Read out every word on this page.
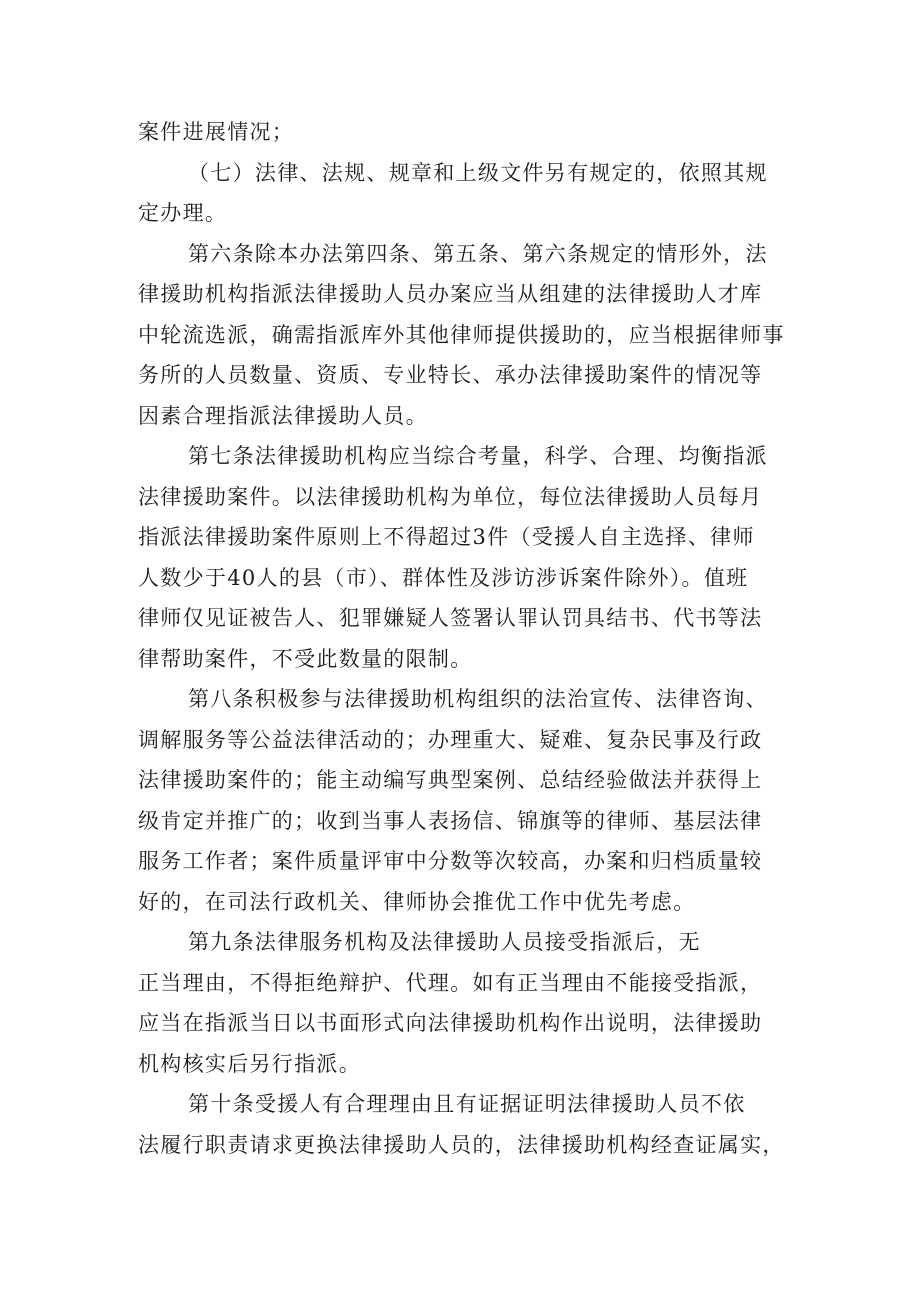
案件进展情况；
（七）法律、法规、规章和上级文件另有规定的，依照其规
定办理。
第六条除本办法第四条、第五条、第六条规定的情形外，法
律援助机构指派法律援助人员办案应当从组建的法律援助人才库
中轮流选派，确需指派库外其他律师提供援助的，应当根据律师事
务所的人员数量、资质、专业特长、承办法律援助案件的情况等
因素合理指派法律援助人员。
第七条法律援助机构应当综合考量，科学、合理、均衡指派
法律援助案件。以法律援助机构为单位，每位法律援助人员每月
指派法律援助案件原则上不得超过3件（受援人自主选择、律师
人数少于40人的县（市）、群体性及涉访涉诉案件除外）。值班
律师仅见证被告人、犯罪嫌疑人签署认罪认罚具结书、代书等法
律帮助案件，不受此数量的限制。
第八条积极参与法律援助机构组织的法治宣传、法律咨询、
调解服务等公益法律活动的；办理重大、疑难、复杂民事及行政
法律援助案件的；能主动编写典型案例、总结经验做法并获得上
级肯定并推广的；收到当事人表扬信、锦旗等的律师、基层法律
服务工作者；案件质量评审中分数等次较高，办案和归档质量较
好的，在司法行政机关、律师协会推优工作中优先考虑。
第九条法律服务机构及法律援助人员接受指派后，无
正当理由，不得拒绝辩护、代理。如有正当理由不能接受指派，
应当在指派当日以书面形式向法律援助机构作出说明，法律援助
机构核实后另行指派。
第十条受援人有合理理由且有证据证明法律援助人员不依
法履行职责请求更换法律援助人员的，法律援助机构经查证属实，
